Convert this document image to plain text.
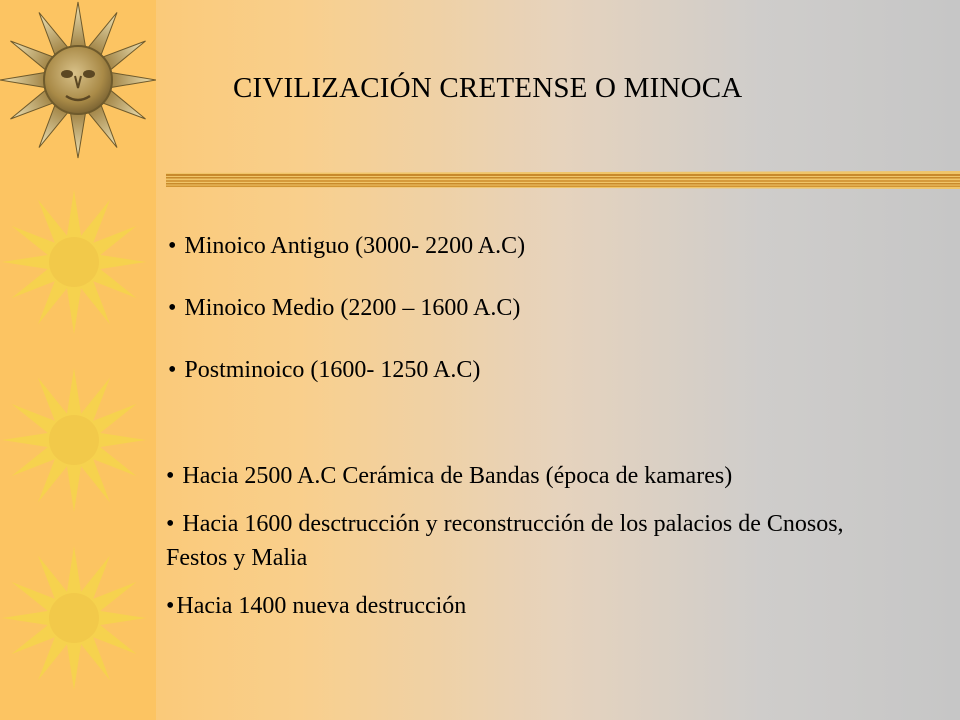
CIVILIZACIÓN CRETENSE O MINOCA
• Minoico Antiguo (3000- 2200 A.C)
• Minoico Medio (2200 – 1600 A.C)
• Postminoico (1600- 1250 A.C)
• Hacia 2500 A.C Cerámica de Bandas (época de kamares)
• Hacia 1600 desctrucción y reconstrucción de los palacios de Cnosos, Festos y Malia
•Hacia 1400 nueva destrucción
